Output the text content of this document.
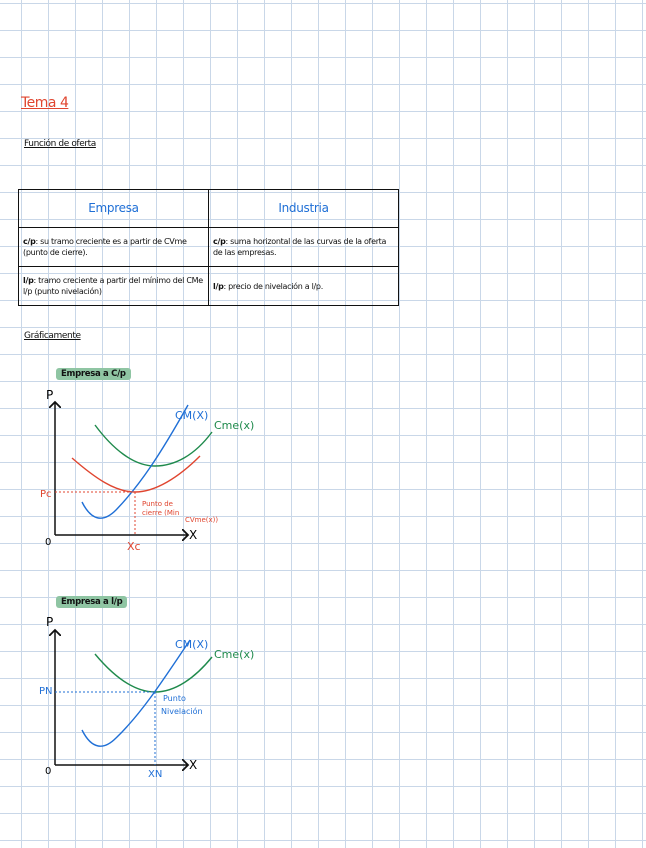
Tema 4
Función de oferta
Empresa	Industria
c/p: su tramo creciente es a partir de CVme (punto de cierre).	c/p: suma horizontal de las curvas de la oferta de las empresas.
l/p: tramo creciente a partir del mínimo del CMe l/p (punto nivelación)	l/p: precio de nivelación a l/p.
Gráficamente
Empresa a C/p
Empresa a l/p
P
X
0
Pc
Xc
CM(X)
Cme(x)
Punto de
cierre (Min
CVme(x))
P
X
0
PN
XN
CM(X)
Cme(x)
Punto
Nivelación
